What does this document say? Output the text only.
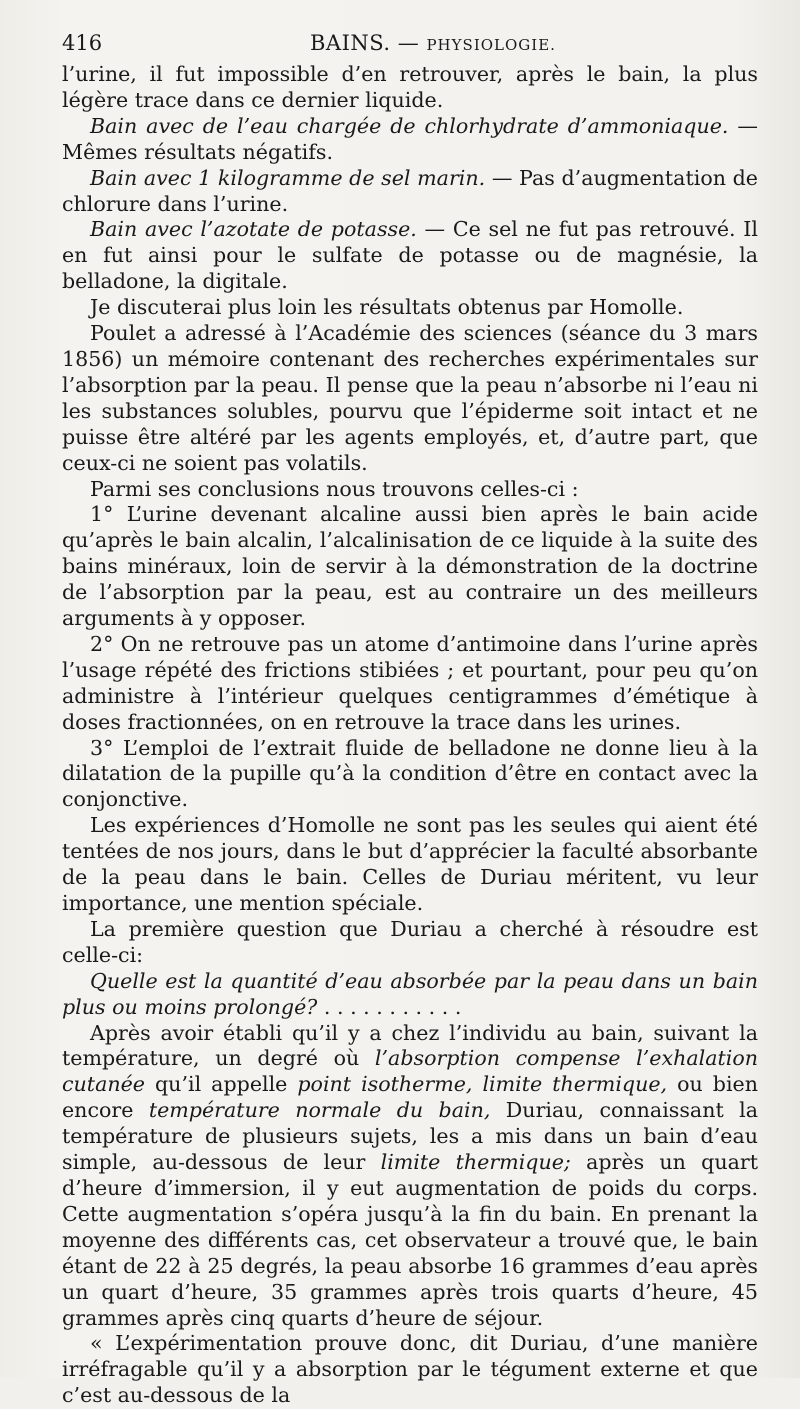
416	BAINS. — PHYSIOLOGIE.

l’urine, il fut impossible d’en retrouver, après le bain, la plus légère trace dans ce dernier liquide.

Bain avec de l’eau chargée de chlorhydrate d’ammoniaque. — Mêmes résultats négatifs.

Bain avec 1 kilogramme de sel marin. — Pas d’augmentation de chlorure dans l’urine.

Bain avec l’azotate de potasse. — Ce sel ne fut pas retrouvé. Il en fut ainsi pour le sulfate de potasse ou de magnésie, la belladone, la digitale.

Je discuterai plus loin les résultats obtenus par Homolle.

Poulet a adressé à l’Académie des sciences (séance du 3 mars 1856) un mémoire contenant des recherches expérimentales sur l’absorption par la peau. Il pense que la peau n’absorbe ni l’eau ni les substances solubles, pourvu que l’épiderme soit intact et ne puisse être altéré par les agents employés, et, d’autre part, que ceux-ci ne soient pas volatils.

Parmi ses conclusions nous trouvons celles-ci :

1° L’urine devenant alcaline aussi bien après le bain acide qu’après le bain alcalin, l’alcalinisation de ce liquide à la suite des bains minéraux, loin de servir à la démonstration de la doctrine de l’absorption par la peau, est au contraire un des meilleurs arguments à y opposer.

2° On ne retrouve pas un atome d’antimoine dans l’urine après l’usage répété des frictions stibiées ; et pourtant, pour peu qu’on administre à l’intérieur quelques centigrammes d’émétique à doses fractionnées, on en retrouve la trace dans les urines.

3° L’emploi de l’extrait fluide de belladone ne donne lieu à la dilatation de la pupille qu’à la condition d’être en contact avec la conjonctive.

Les expériences d’Homolle ne sont pas les seules qui aient été tentées de nos jours, dans le but d’apprécier la faculté absorbante de la peau dans le bain. Celles de Duriau méritent, vu leur importance, une mention spéciale.

La première question que Duriau a cherché à résoudre est celle-ci:

Quelle est la quantité d’eau absorbée par la peau dans un bain plus ou moins prolongé? . . . . . . . . . . .

Après avoir établi qu’il y a chez l’individu au bain, suivant la température, un degré où l’absorption compense l’exhalation cutanée qu’il appelle point isotherme, limite thermique, ou bien encore température normale du bain, Duriau, connaissant la température de plusieurs sujets, les a mis dans un bain d’eau simple, au-dessous de leur limite thermique; après un quart d’heure d’immersion, il y eut augmentation de poids du corps. Cette augmentation s’opéra jusqu’à la fin du bain. En prenant la moyenne des différents cas, cet observateur a trouvé que, le bain étant de 22 à 25 degrés, la peau absorbe 16 grammes d’eau après un quart d’heure, 35 grammes après trois quarts d’heure, 45 grammes après cinq quarts d’heure de séjour.

« L’expérimentation prouve donc, dit Duriau, d’une manière irréfragable qu’il y a absorption par le tégument externe et que c’est au-dessous de la
